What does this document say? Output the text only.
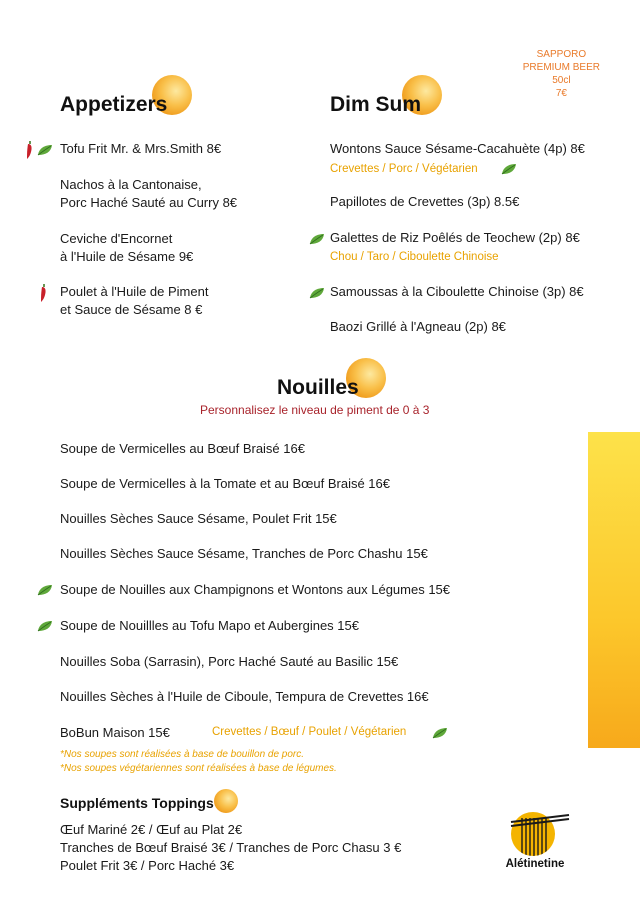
SAPPORO
PREMIUM BEER
50cl
7€
Appetizers	Dim Sum
Tofu Frit Mr. & Mrs.Smith 8€
Nachos à la Cantonaise,
Porc Haché Sauté au Curry 8€
Ceviche d'Encornet
à l'Huile de Sésame 9€
Poulet à l'Huile de Piment
et Sauce de Sésame 8 €
Wontons Sauce Sésame-Cacahuète (4p) 8€
Crevettes / Porc / Végétarien
Papillotes de Crevettes (3p) 8.5€
Galettes de Riz Poêlés de Teochew (2p) 8€
Chou / Taro / Ciboulette Chinoise
Samoussas à la Ciboulette Chinoise (3p) 8€
Baozi Grillé à l'Agneau (2p) 8€
Nouilles
Personnalisez le niveau de piment de 0 à 3
Soupe de Vermicelles au Bœuf Braisé 16€
Soupe de Vermicelles à la Tomate et au Bœuf Braisé 16€
Nouilles Sèches Sauce Sésame, Poulet Frit 15€
Nouilles Sèches Sauce Sésame, Tranches de Porc Chashu 15€
Soupe de Nouilles aux Champignons et Wontons aux Légumes 15€
Soupe de Nouillles au Tofu Mapo et Aubergines 15€
Nouilles Soba (Sarrasin), Porc Haché Sauté au Basilic 15€
Nouilles Sèches à l'Huile de Ciboule, Tempura de Crevettes 16€
BoBun Maison 15€	Crevettes / Bœuf / Poulet / Végétarien
*Nos soupes sont réalisées à base de bouillon de porc.
*Nos soupes végétariennes sont réalisées à base de légumes.
Suppléments Toppings
Œuf Mariné 2€ / Œuf au Plat 2€
Tranches de Bœuf Braisé 3€ / Tranches de Porc Chasu 3 €
Poulet Frit 3€ / Porc Haché 3€	Alétinetine
